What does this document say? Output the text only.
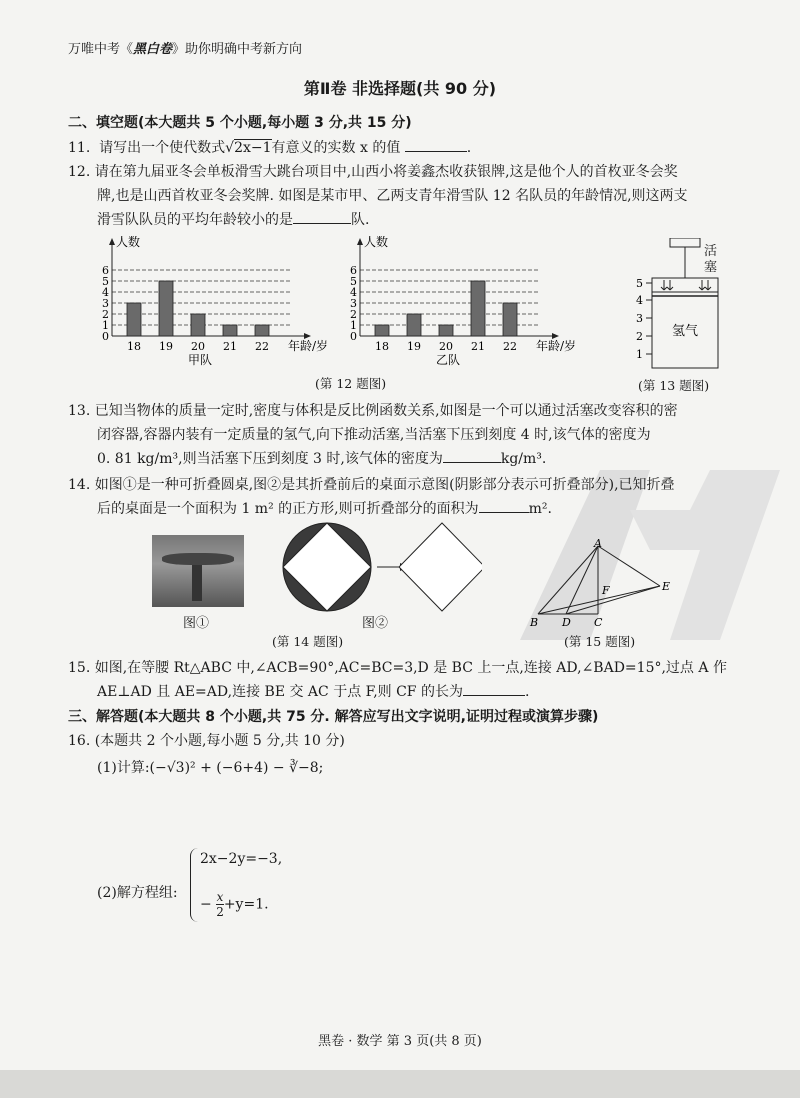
万唯中考《黑白卷》助你明确中考新方向
第Ⅱ卷 非选择题(共 90 分)
二、填空题(本大题共 5 个小题,每小题 3 分,共 15 分)
11. 请写出一个使代数式√2x−1有意义的实数 x 的值	.
12. 请在第九届亚冬会单板滑雪大跳台项目中,山西小将姜鑫杰收获银牌,这是他个人的首枚亚冬会奖
牌,也是山西首枚亚冬会奖牌. 如图是某市甲、乙两支青年滑雪队 12 名队员的年龄情况,则这两支
滑雪队队员的平均年龄较小的是	队.
0
1
2
3
4
5
6
18 19 20 21 22
人数
年龄/岁
甲队
0
1
2
3
4
5
6
18 19 20 21 22
人数
年龄/岁
乙队
(第 12 题图)
5
4
3
2
1
氢气
活
塞
(第 13 题图)
13. 已知当物体的质量一定时,密度与体积是反比例函数关系,如图是一个可以通过活塞改变容积的密
闭容器,容器内装有一定质量的氢气,向下推动活塞,当活塞下压到刻度 4 时,该气体的密度为
0. 81 kg/m³,则当活塞下压到刻度 3 时,该气体的密度为	kg/m³.
14. 如图①是一种可折叠圆桌,图②是其折叠前后的桌面示意图(阴影部分表示可折叠部分),已知折叠
后的桌面是一个面积为 1 m² 的正方形,则可折叠部分的面积为	m².
图①	图②
(第 14 题图)
A
B	C
D
E
F
(第 15 题图)
15. 如图,在等腰 Rt△ABC 中,∠ACB=90°,AC=BC=3,D 是 BC 上一点,连接 AD,∠BAD=15°,过点 A 作
AE⊥AD 且 AE=AD,连接 BE 交 AC 于点 F,则 CF 的长为	.
三、解答题(本大题共 8 个小题,共 75 分. 解答应写出文字说明,证明过程或演算步骤)
16. (本题共 2 个小题,每小题 5 分,共 10 分)
(1)计算:(−√3)² + (−6+4) − ∛−8;
(2)解方程组:
2x−2y=−3,
− $\frac{x}{2} +y=1$.
黑卷 · 数学 第 3 页(共 8 页)
